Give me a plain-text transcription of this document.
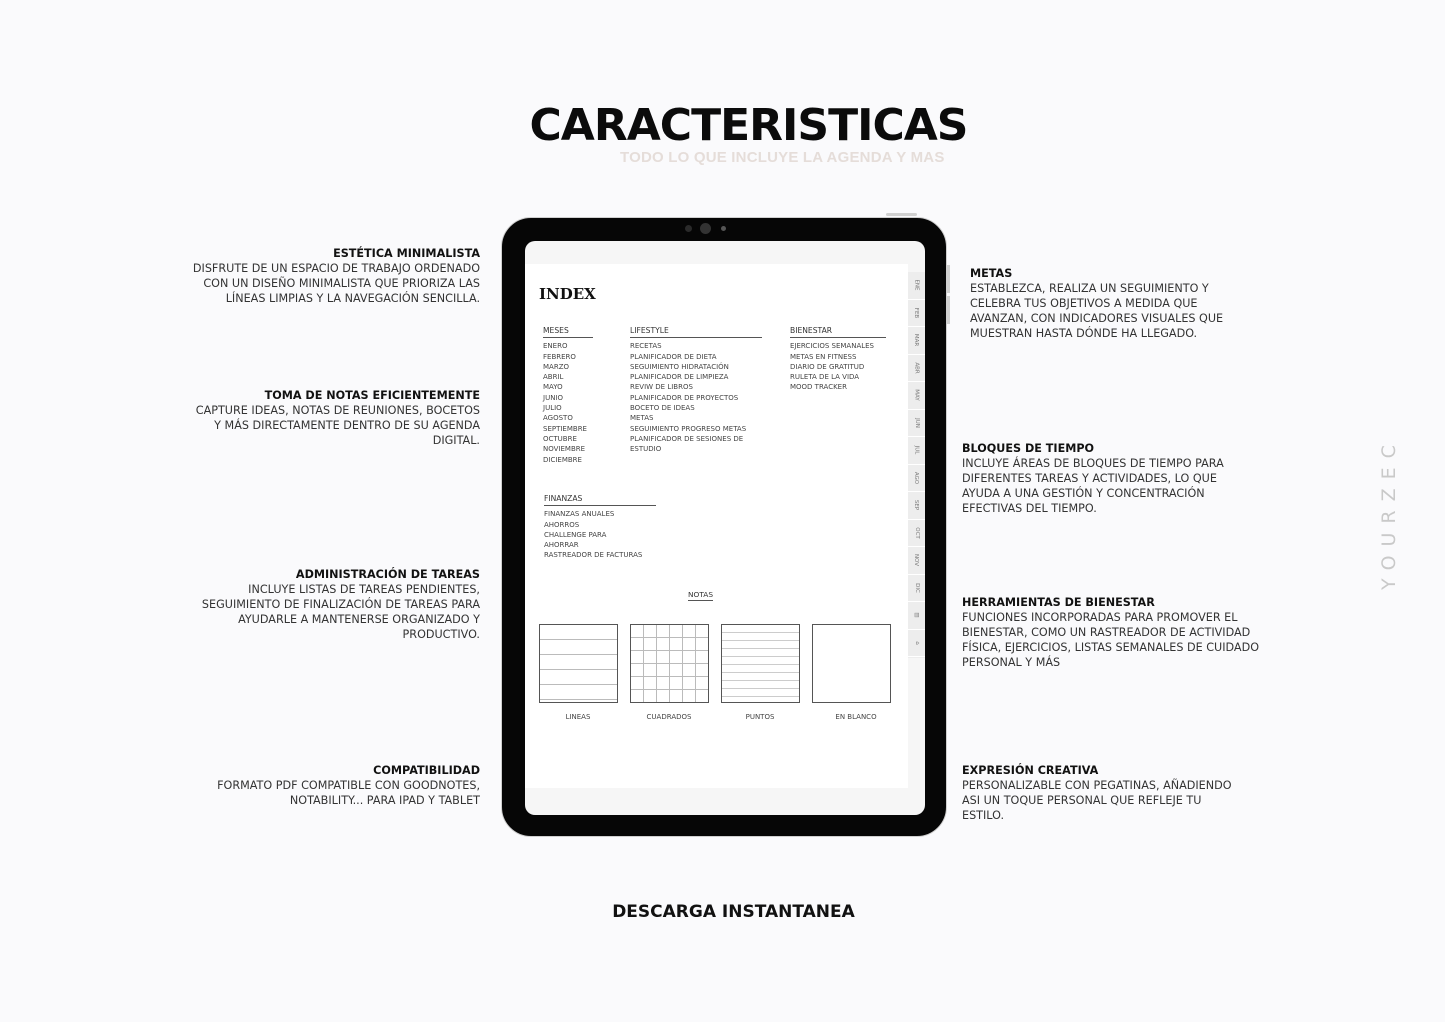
CARACTERISTICAS
TODO LO QUE INCLUYE LA AGENDA Y MAS
ESTÉTICA MINIMALISTA
DISFRUTE DE UN ESPACIO DE TRABAJO ORDENADO CON UN DISEÑO MINIMALISTA QUE PRIORIZA LAS LÍNEAS LIMPIAS Y LA NAVEGACIÓN SENCILLA.
TOMA DE NOTAS EFICIENTEMENTE
CAPTURE IDEAS, NOTAS DE REUNIONES, BOCETOS Y MÁS DIRECTAMENTE DENTRO DE SU AGENDA DIGITAL.
ADMINISTRACIÓN DE TAREAS
INCLUYE LISTAS DE TAREAS PENDIENTES, SEGUIMIENTO DE FINALIZACIÓN DE TAREAS PARA AYUDARLE A MANTENERSE ORGANIZADO Y PRODUCTIVO.
COMPATIBILIDAD
FORMATO PDF COMPATIBLE CON GOODNOTES, NOTABILITY... PARA IPAD Y TABLET
METAS
ESTABLEZCA, REALIZA UN SEGUIMIENTO Y CELEBRA TUS OBJETIVOS A MEDIDA QUE AVANZAN, CON INDICADORES VISUALES QUE MUESTRAN HASTA DÓNDE HA LLEGADO.
BLOQUES DE TIEMPO
INCLUYE ÁREAS DE BLOQUES DE TIEMPO PARA DIFERENTES TAREAS Y ACTIVIDADES, LO QUE AYUDA A UNA GESTIÓN Y CONCENTRACIÓN EFECTIVAS DEL TIEMPO.
HERRAMIENTAS DE BIENESTAR
FUNCIONES INCORPORADAS PARA PROMOVER EL BIENESTAR, COMO UN RASTREADOR DE ACTIVIDAD FÍSICA, EJERCICIOS, LISTAS SEMANALES DE CUIDADO PERSONAL Y MÁS
EXPRESIÓN CREATIVA
PERSONALIZABLE CON PEGATINAS, AÑADIENDO ASI UN TOQUE PERSONAL QUE REFLEJE TU ESTILO.
YOURZEC
INDEX
MESES
ENERO
FEBRERO
MARZO
ABRIL
MAYO
JUNIO
JULIO
AGOSTO
SEPTIEMBRE
OCTUBRE
NOVIEMBRE
DICIEMBRE
LIFESTYLE
RECETAS
PLANIFICADOR DE DIETA
SEGUIMIENTO HIDRATACIÓN
PLANIFICADOR DE LIMPIEZA
REVIW DE LIBROS
PLANIFICADOR DE PROYECTOS
BOCETO DE IDEAS
METAS
SEGUIMIENTO PROGRESO METAS
PLANIFICADOR DE SESIONES DE
ESTUDIO
BIENESTAR
EJERCICIOS SEMANALES
METAS EN FITNESS
DIARIO DE GRATITUD
RULETA DE LA VIDA
MOOD TRACKER
FINANZAS
FINANZAS ANUALES
AHORROS
CHALLENGE PARA
AHORRAR
RASTREADOR DE FACTURAS
NOTAS
LINEAS	CUADRADOS	PUNTOS	EN BLANCO
ENE
FEB
MAR
ABR
MAY
JUN
JUL
AGO
SEP
OCT
NOV
DIC
▤
⌂
DESCARGA INSTANTANEA
